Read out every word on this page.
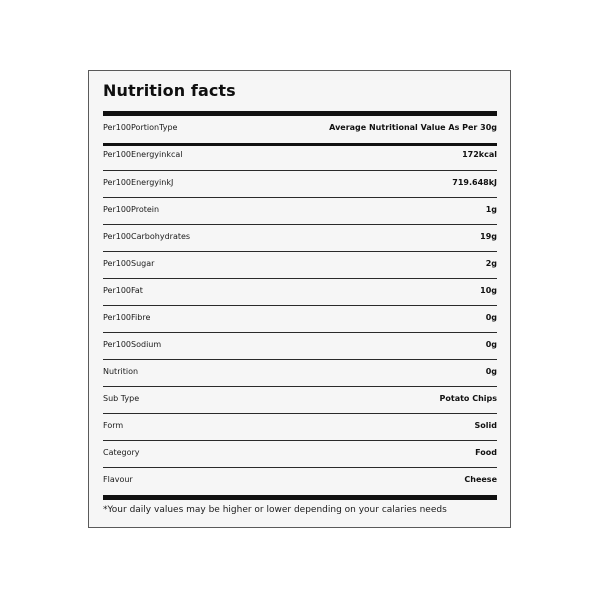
Nutrition facts
Per100PortionType	Average Nutritional Value As Per 30g
Per100Energyinkcal	172kcal
Per100EnergyinkJ	719.648kJ
Per100Protein	1g
Per100Carbohydrates	19g
Per100Sugar	2g
Per100Fat	10g
Per100Fibre	0g
Per100Sodium	0g
Nutrition	0g
Sub Type	Potato Chips
Form	Solid
Category	Food
Flavour	Cheese
*Your daily values may be higher or lower depending on your calaries needs
